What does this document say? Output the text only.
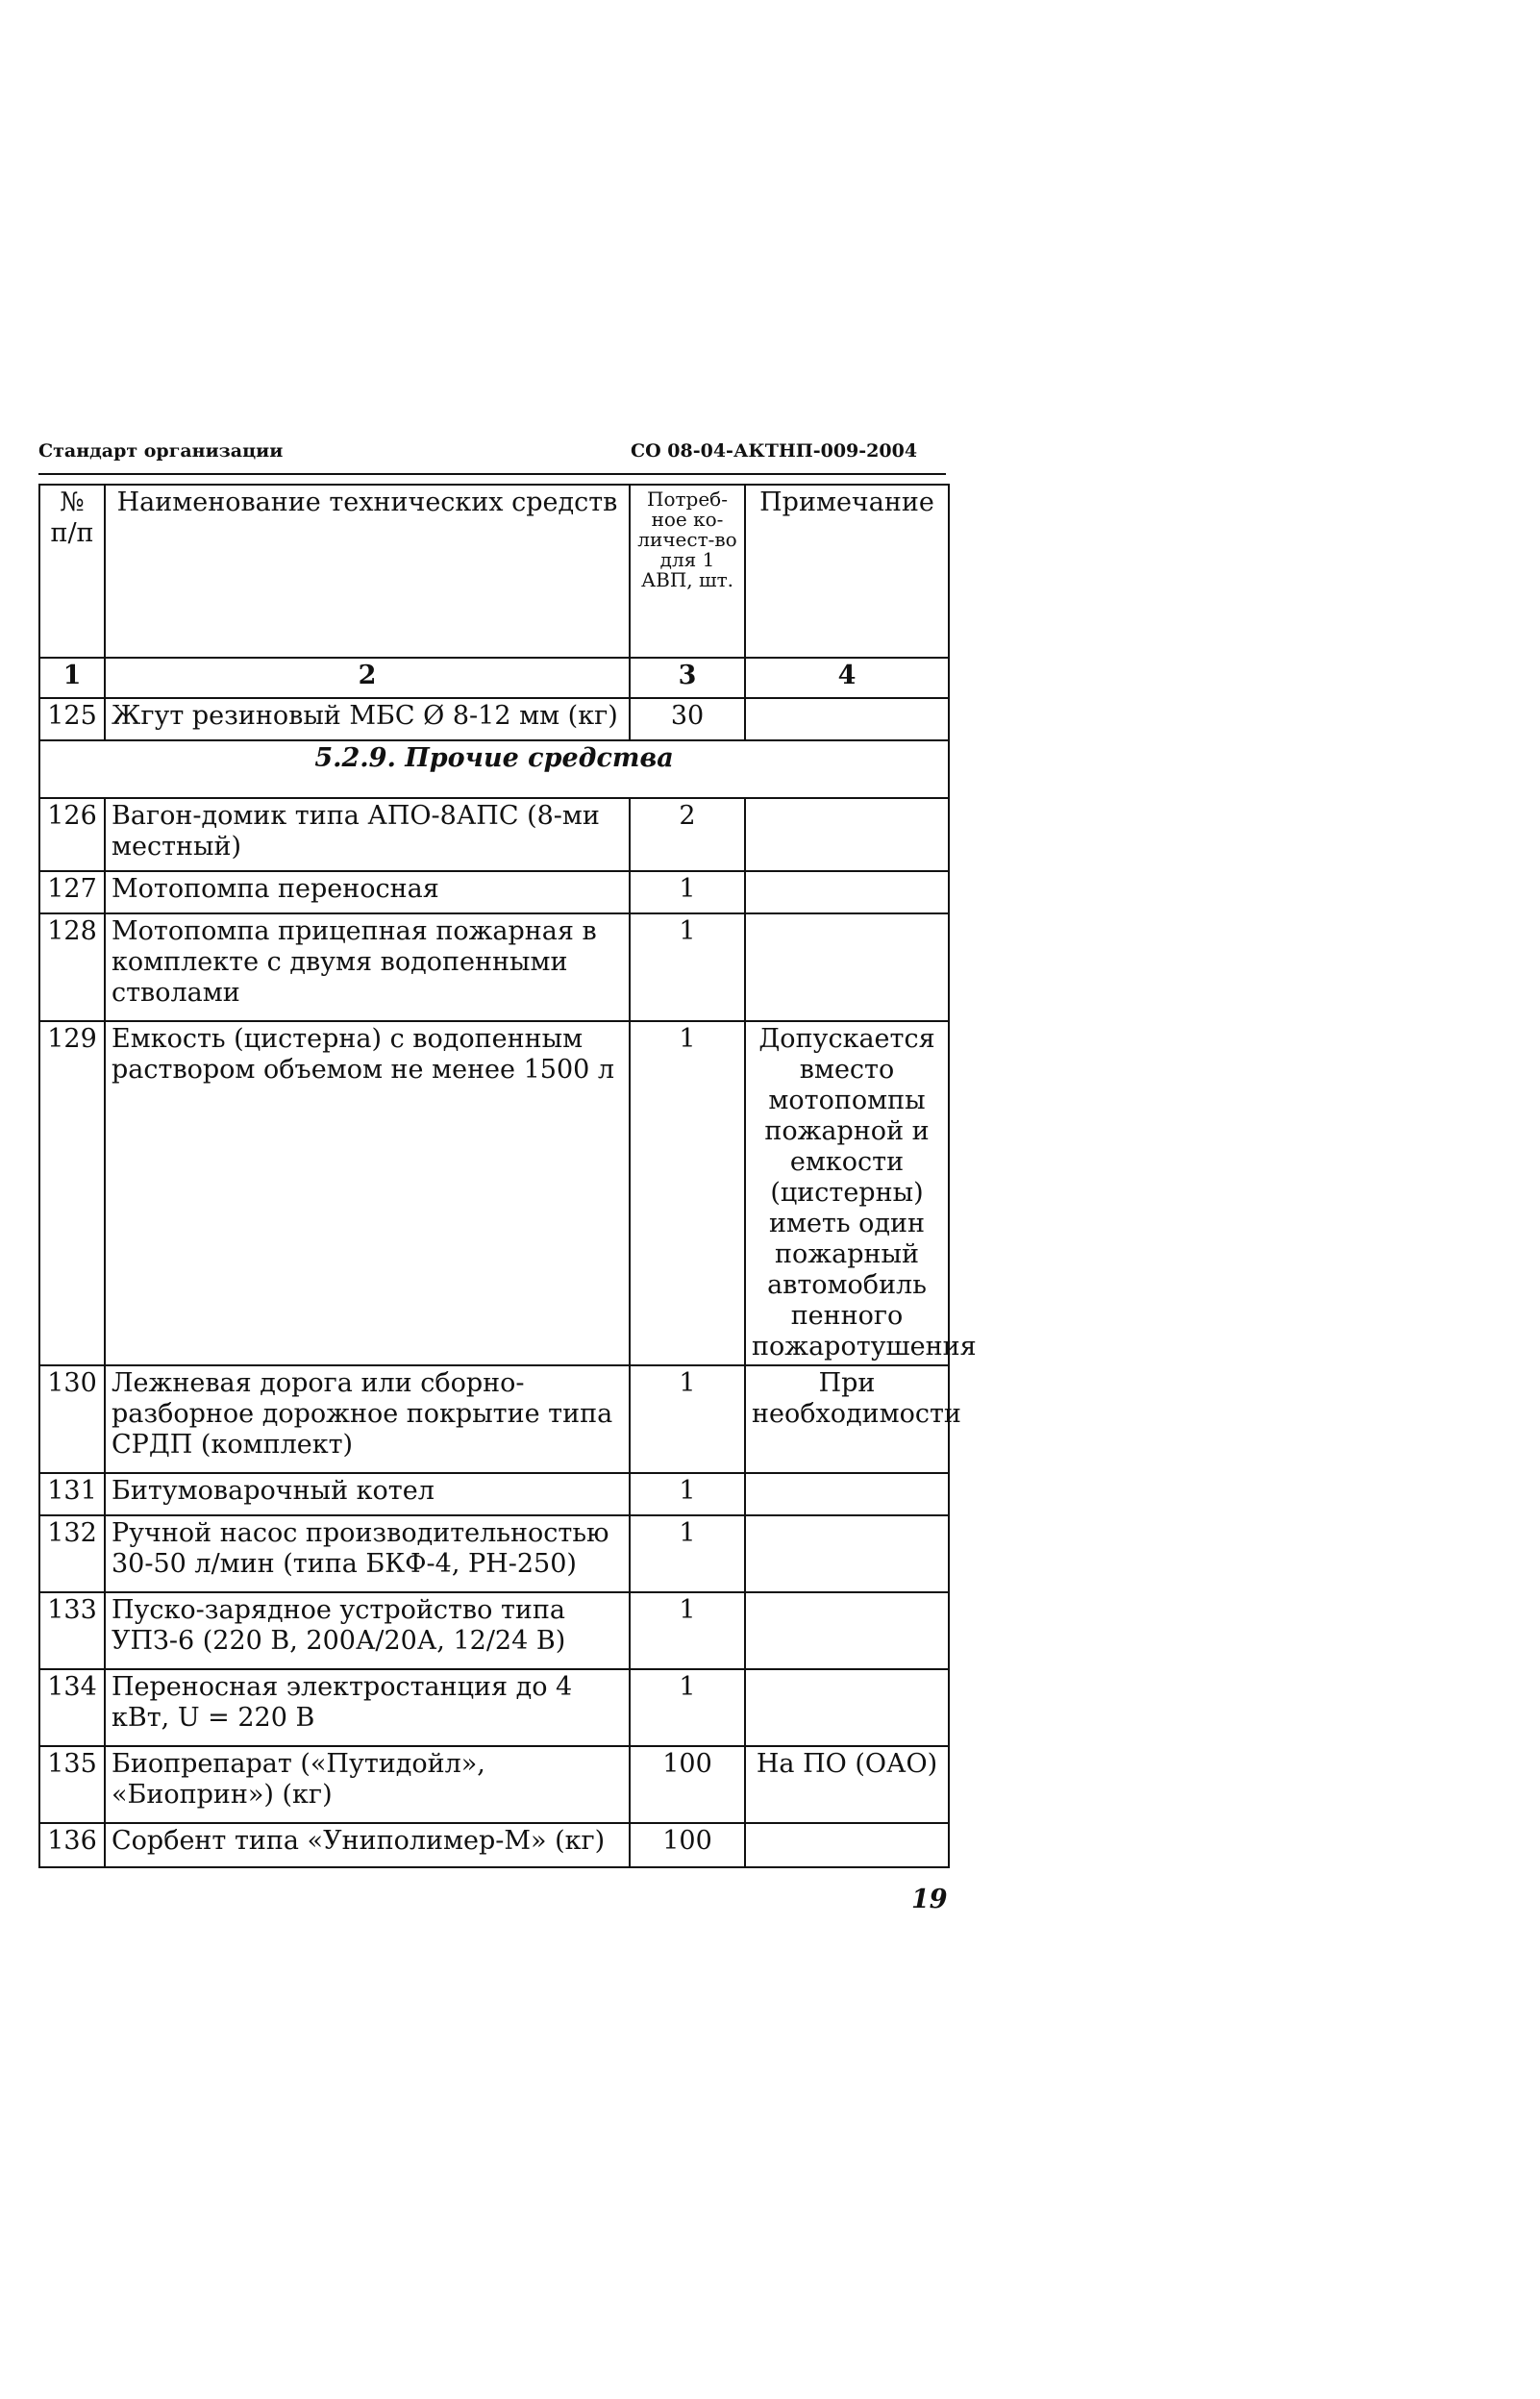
Стандарт организации	СО 08-04-АКТНП-009-2004
№ п/п	Наименование технических средств	Потреб-ное ко-личест-во для 1 АВП, шт.	Примечание
1	2	3	4
125	Жгут резиновый МБС Ø 8-12 мм (кг)	30	
5.2.9. Прочие средства			
126	Вагон-домик типа АПО-8АПС (8-ми местный)	2	
127	Мотопомпа переносная	1	
128	Мотопомпа прицепная пожарная в комплекте с двумя водопенными стволами	1	
129	Емкость (цистерна) с водопенным раствором объемом не менее 1500 л	1	Допускается вместо мотопомпы пожарной и емкости (цистерны) иметь один пожарный автомобиль пенного пожаротушения
130	Лежневая дорога или сборно-разборное дорожное покрытие типа СРДП (комплект)	1	При необходимости
131	Битумоварочный котел	1	
132	Ручной насос производительностью 30-50 л/мин (типа БКФ-4, РН-250)	1	
133	Пуско-зарядное устройство типа УПЗ-6 (220 В, 200А/20А, 12/24 В)	1	
134	Переносная электростанция до 4 кВт, U = 220 В	1	
135	Биопрепарат («Путидойл», «Биоприн») (кг)	100	На ПО (ОАО)
136	Сорбент типа «Униполимер-М» (кг)	100	
19
